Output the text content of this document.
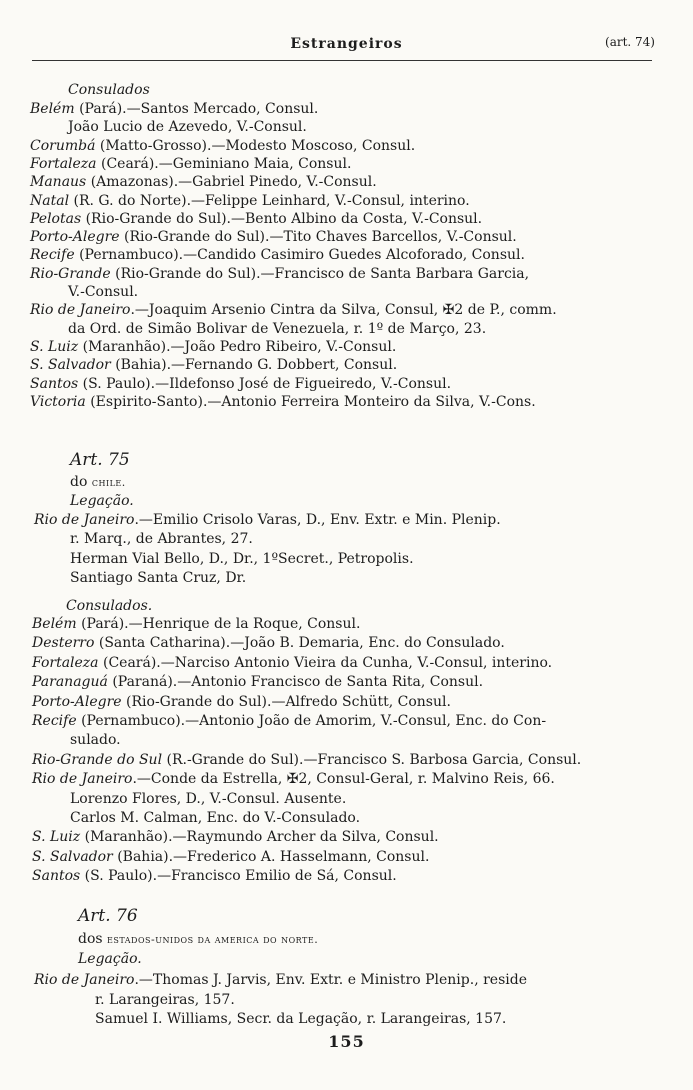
Estrangeiros	(art. 74)
Consulados
Belém (Pará).—Santos Mercado, Consul.
João Lucio de Azevedo, V.-Consul.
Corumbá (Matto-Grosso).—Modesto Moscoso, Consul.
Fortaleza (Ceará).—Geminiano Maia, Consul.
Manaus (Amazonas).—Gabriel Pinedo, V.-Consul.
Natal (R. G. do Norte).—Felippe Leinhard, V.-Consul, interino.
Pelotas (Rio-Grande do Sul).—Bento Albino da Costa, V.-Consul.
Porto-Alegre (Rio-Grande do Sul).—Tito Chaves Barcellos, V.-Consul.
Recife (Pernambuco).—Candido Casimiro Guedes Alcoforado, Consul.
Rio-Grande (Rio-Grande do Sul).—Francisco de Santa Barbara Garcia,
V.-Consul.
Rio de Janeiro.—Joaquim Arsenio Cintra da Silva, Consul, ✠2 de P., comm.
da Ord. de Simão Bolivar de Venezuela, r. 1º de Março, 23.
S. Luiz (Maranhão).—João Pedro Ribeiro, V.-Consul.
S. Salvador (Bahia).—Fernando G. Dobbert, Consul.
Santos (S. Paulo).—Ildefonso José de Figueiredo, V.-Consul.
Victoria (Espirito-Santo).—Antonio Ferreira Monteiro da Silva, V.-Cons.
Art. 75
do chile.
Legação.
Rio de Janeiro.—Emilio Crisolo Varas, D., Env. Extr. e Min. Plenip.
r. Marq., de Abrantes, 27.
Herman Vial Bello, D., Dr., 1ºSecret., Petropolis.
Santiago Santa Cruz, Dr.
Consulados.
Belém (Pará).—Henrique de la Roque, Consul.
Desterro (Santa Catharina).—João B. Demaria, Enc. do Consulado.
Fortaleza (Ceará).—Narciso Antonio Vieira da Cunha, V.-Consul, interino.
Paranaguá (Paraná).—Antonio Francisco de Santa Rita, Consul.
Porto-Alegre (Rio-Grande do Sul).—Alfredo Schütt, Consul.
Recife (Pernambuco).—Antonio João de Amorim, V.-Consul, Enc. do Con-
sulado.
Rio-Grande do Sul (R.-Grande do Sul).—Francisco S. Barbosa Garcia, Consul.
Rio de Janeiro.—Conde da Estrella, ✠2, Consul-Geral, r. Malvino Reis, 66.
Lorenzo Flores, D., V.-Consul. Ausente.
Carlos M. Calman, Enc. do V.-Consulado.
S. Luiz (Maranhão).—Raymundo Archer da Silva, Consul.
S. Salvador (Bahia).—Frederico A. Hasselmann, Consul.
Santos (S. Paulo).—Francisco Emilio de Sá, Consul.
Art. 76
dos estados-unidos da america do norte.
Legação.
Rio de Janeiro.—Thomas J. Jarvis, Env. Extr. e Ministro Plenip., reside
r. Larangeiras, 157.
Samuel I. Williams, Secr. da Legação, r. Larangeiras, 157.
155
